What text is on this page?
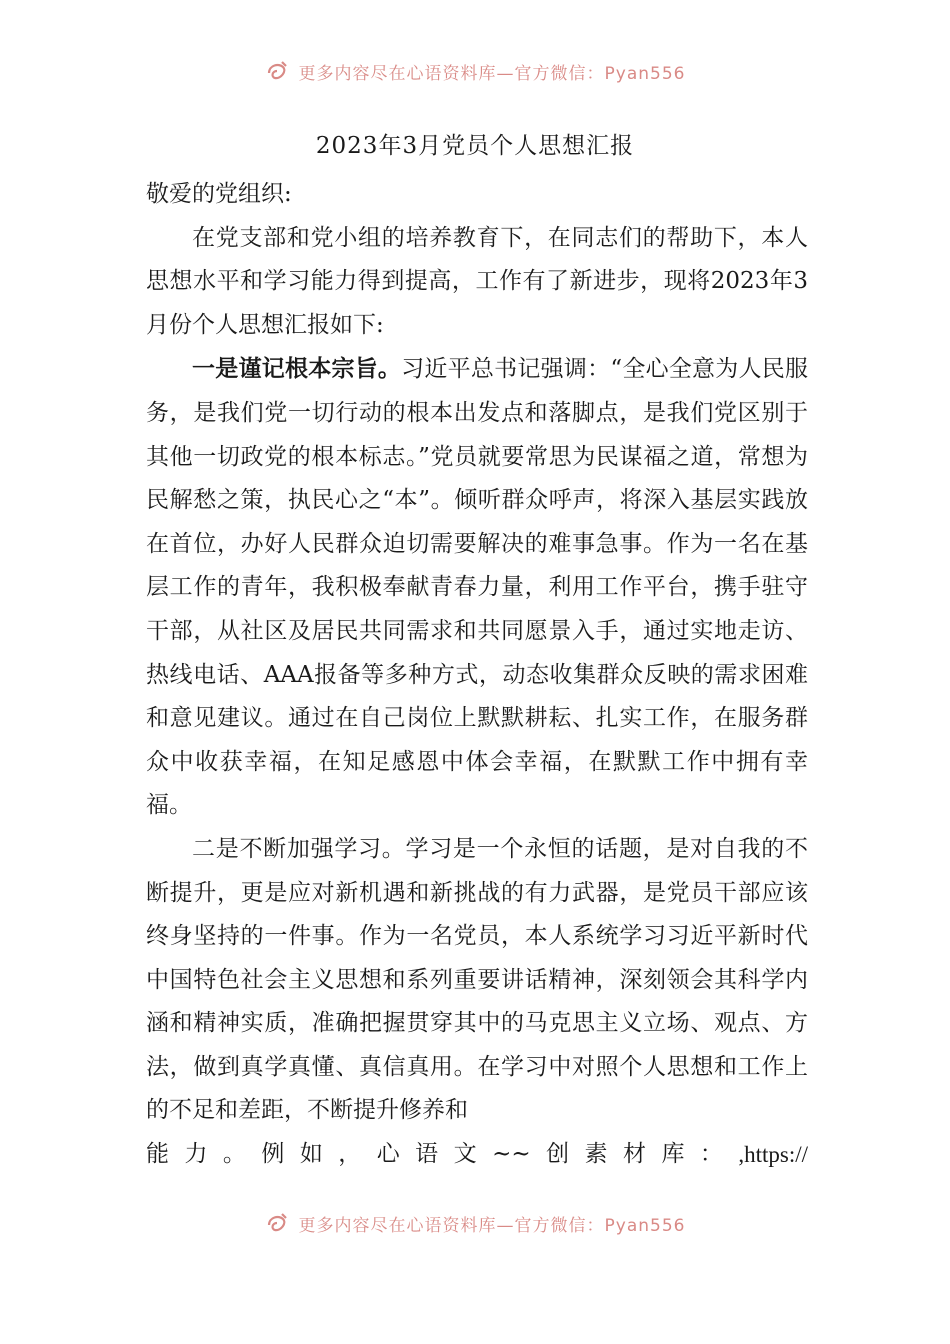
更多内容尽在心语资料库—官方微信：Pyan556
2023年3月党员个人思想汇报

敬爱的党组织:

在党支部和党小组的培养教育下，在同志们的帮助下，本人思想水平和学习能力得到提高，工作有了新进步，现将2023年3月份个人思想汇报如下:

一是谨记根本宗旨。习近平总书记强调：“全心全意为人民服务，是我们党一切行动的根本出发点和落脚点，是我们党区别于其他一切政党的根本标志。”党员就要常思为民谋福之道，常想为民解愁之策，执民心之“本”。倾听群众呼声，将深入基层实践放在首位，办好人民群众迫切需要解决的难事急事。作为一名在基层工作的青年，我积极奉献青春力量，利用工作平台，携手驻守干部，从社区及居民共同需求和共同愿景入手，通过实地走访、热线电话、AAA报备等多种方式，动态收集群众反映的需求困难和意见建议。通过在自己岗位上默默耕耘、扎实工作，在服务群众中收获幸福，在知足感恩中体会幸福，在默默工作中拥有幸福。

二是不断加强学习。学习是一个永恒的话题，是对自我的不断提升，更是应对新机遇和新挑战的有力武器，是党员干部应该终身坚持的一件事。作为一名党员，本人系统学习习近平新时代中国特色社会主义思想和系列重要讲话精神，深刻领会其科学内涵和精神实质，准确把握贯穿其中的马克思主义立场、观点、方法，做到真学真懂、真信真用。在学习中对照个人思想和工作上的不足和差距，不断提升修养和

能 力 。 例 如 ， 心 语 文 ~~ 创 素 材 库 ： ,https://
更多内容尽在心语资料库—官方微信：Pyan556
